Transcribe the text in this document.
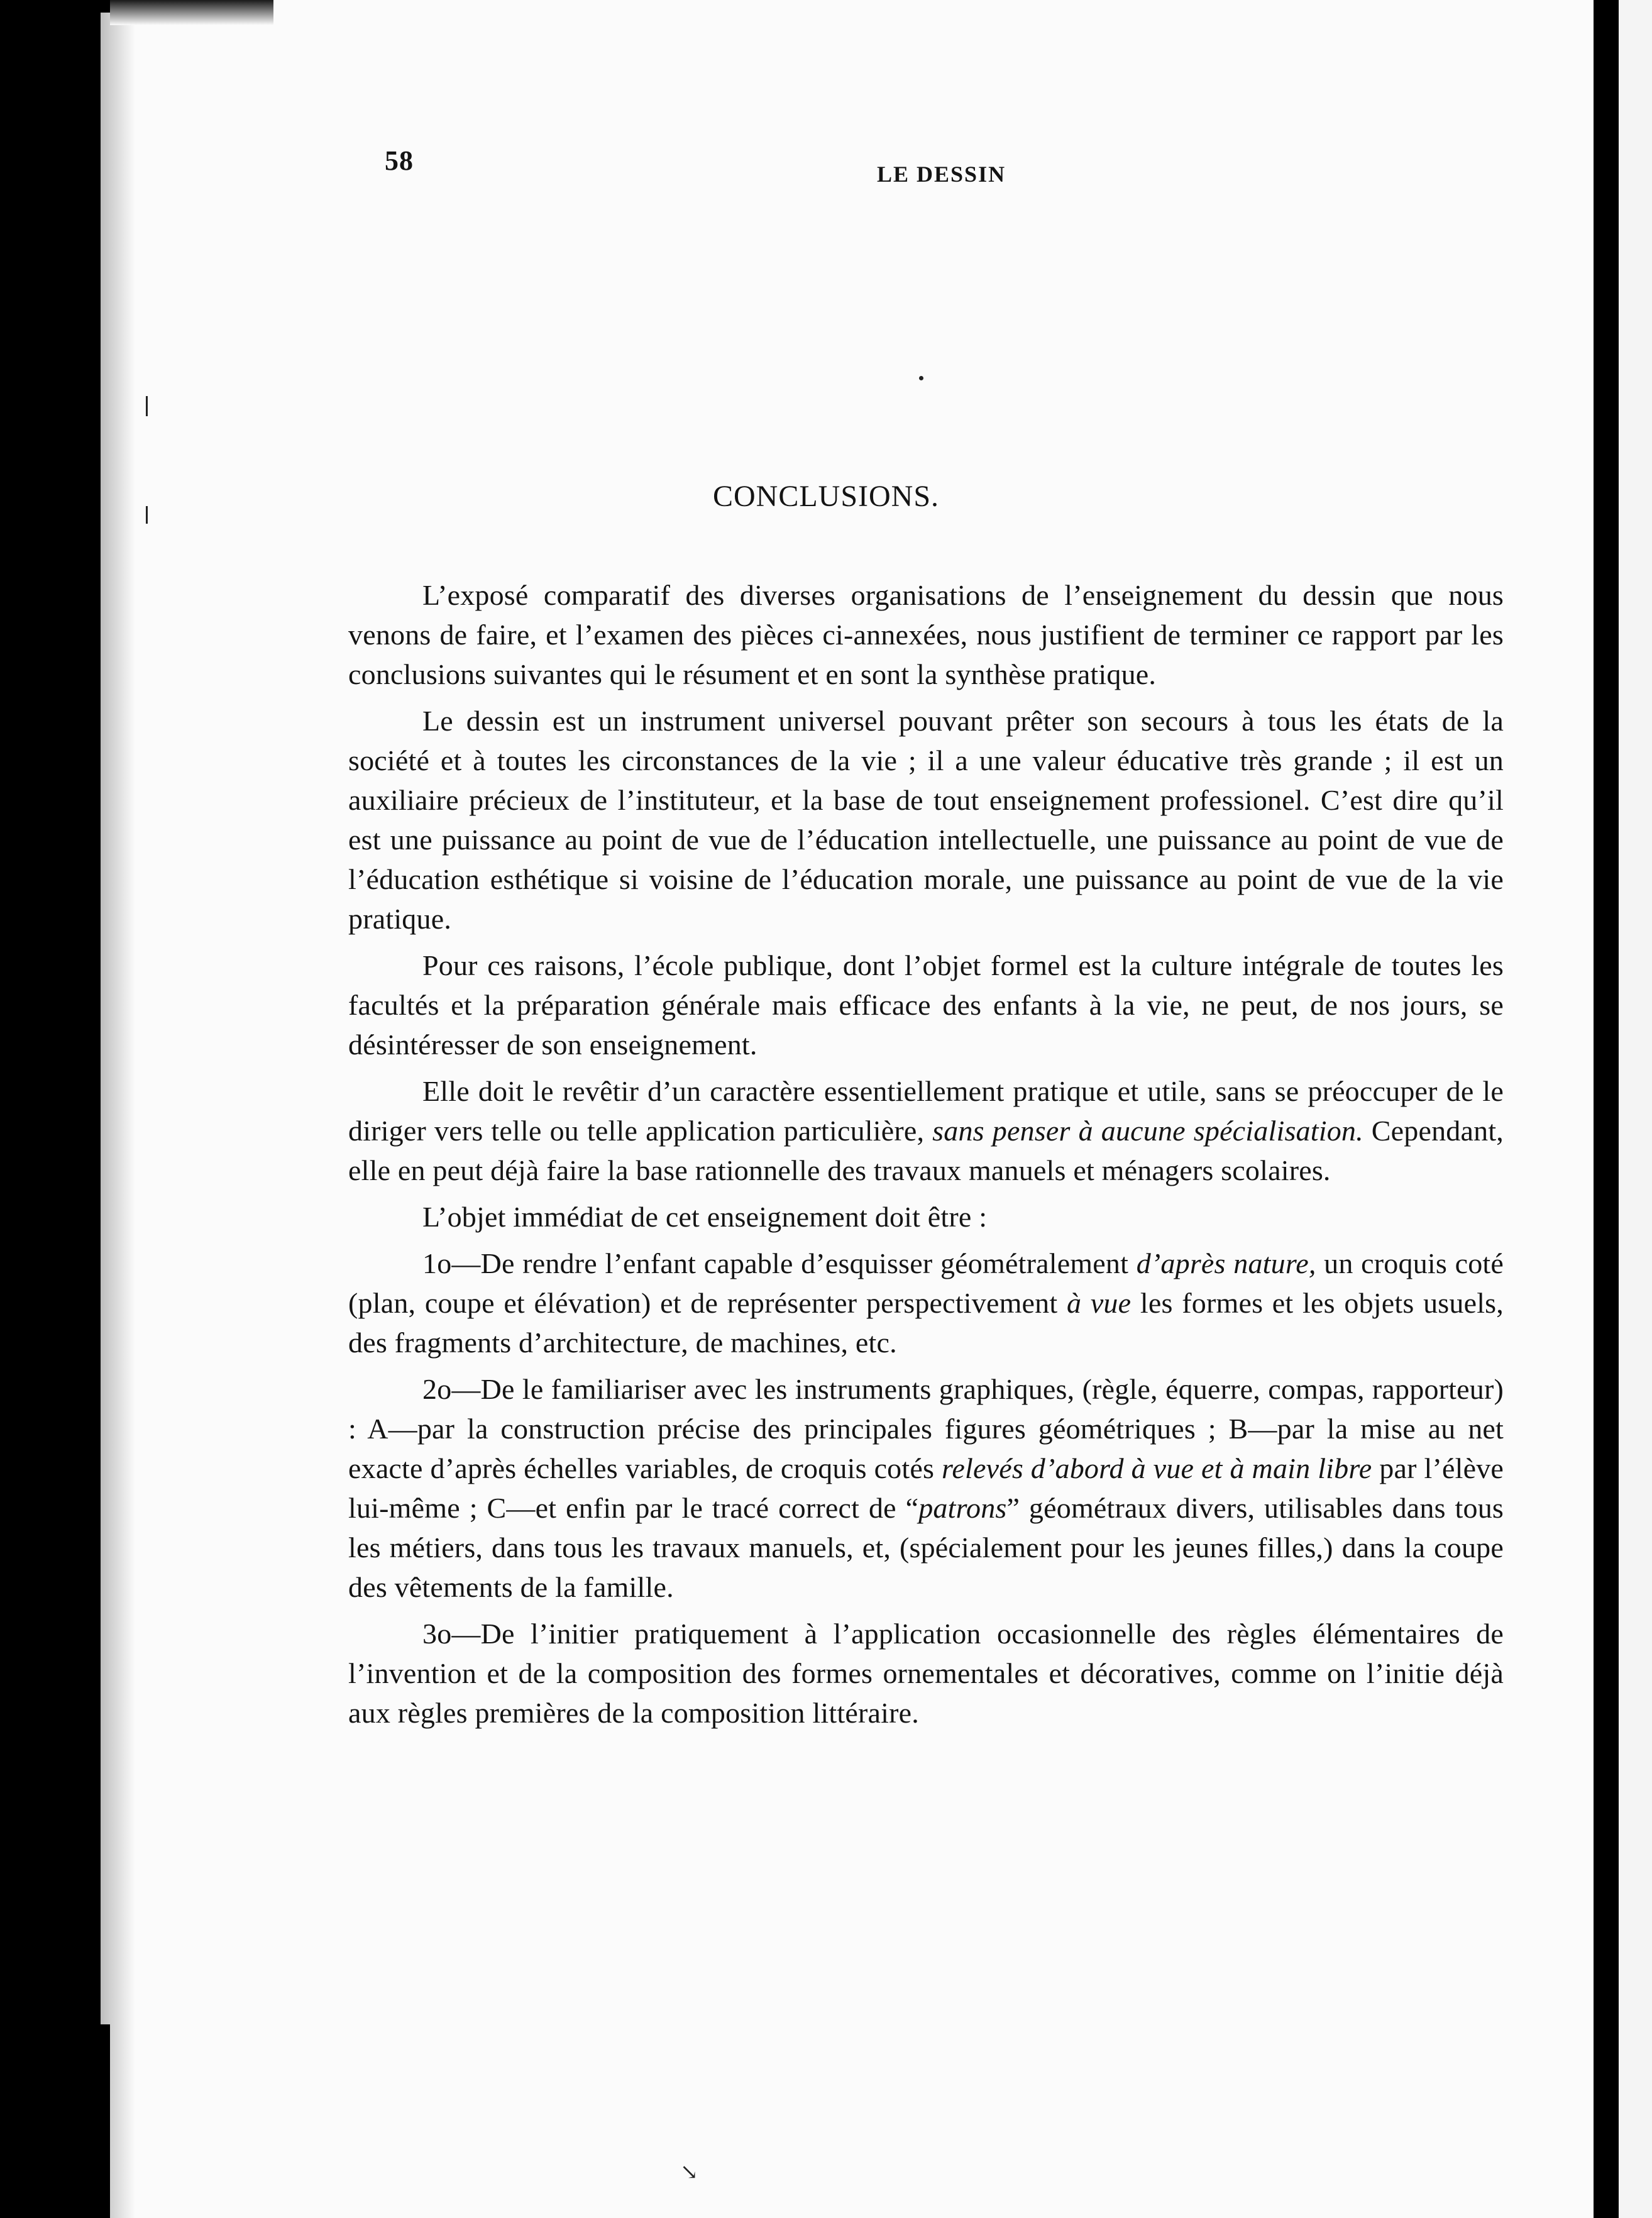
58	LE DESSIN
CONCLUSIONS.

L’exposé comparatif des diverses organisations de l’enseignement du dessin que nous venons de faire, et l’examen des pièces ci-annexées, nous justifient de terminer ce rapport par les conclusions suivantes qui le résument et en sont la synthèse pratique.

Le dessin est un instrument universel pouvant prêter son secours à tous les états de la société et à toutes les circonstances de la vie ; il a une valeur éducative très grande ; il est un auxiliaire précieux de l’instituteur, et la base de tout enseignement professionel. C’est dire qu’il est une puissance au point de vue de l’éducation intellectuelle, une puissance au point de vue de l’éducation esthétique si voisine de l’éducation morale, une puissance au point de vue de la vie pratique.

Pour ces raisons, l’école publique, dont l’objet formel est la culture intégrale de toutes les facultés et la préparation générale mais efficace des enfants à la vie, ne peut, de nos jours, se désintéresser de son enseignement.

Elle doit le revêtir d’un caractère essentiellement pratique et utile, sans se préoccuper de le diriger vers telle ou telle application particulière, sans penser à aucune spécialisation. Cependant, elle en peut déjà faire la base rationnelle des travaux manuels et ménagers scolaires.

L’objet immédiat de cet enseignement doit être :

1o—De rendre l’enfant capable d’esquisser géométralement d’après nature, un croquis coté (plan, coupe et élévation) et de représenter perspectivement à vue les formes et les objets usuels, des fragments d’architecture, de machines, etc.

2o—De le familiariser avec les instruments graphiques, (règle, équerre, compas, rapporteur) : A—par la construction précise des principales figures géométriques ; B—par la mise au net exacte d’après échelles variables, de croquis cotés relevés d’abord à vue et à main libre par l’élève lui-même ; C—et enfin par le tracé correct de “patrons” géométraux divers, utilisables dans tous les métiers, dans tous les travaux manuels, et, (spécialement pour les jeunes filles,) dans la coupe des vêtements de la famille.

3o—De l’initier pratiquement à l’application occasionnelle des règles élémentaires de l’invention et de la composition des formes ornementales et décoratives, comme on l’initie déjà aux règles premières de la composition littéraire.

↘
